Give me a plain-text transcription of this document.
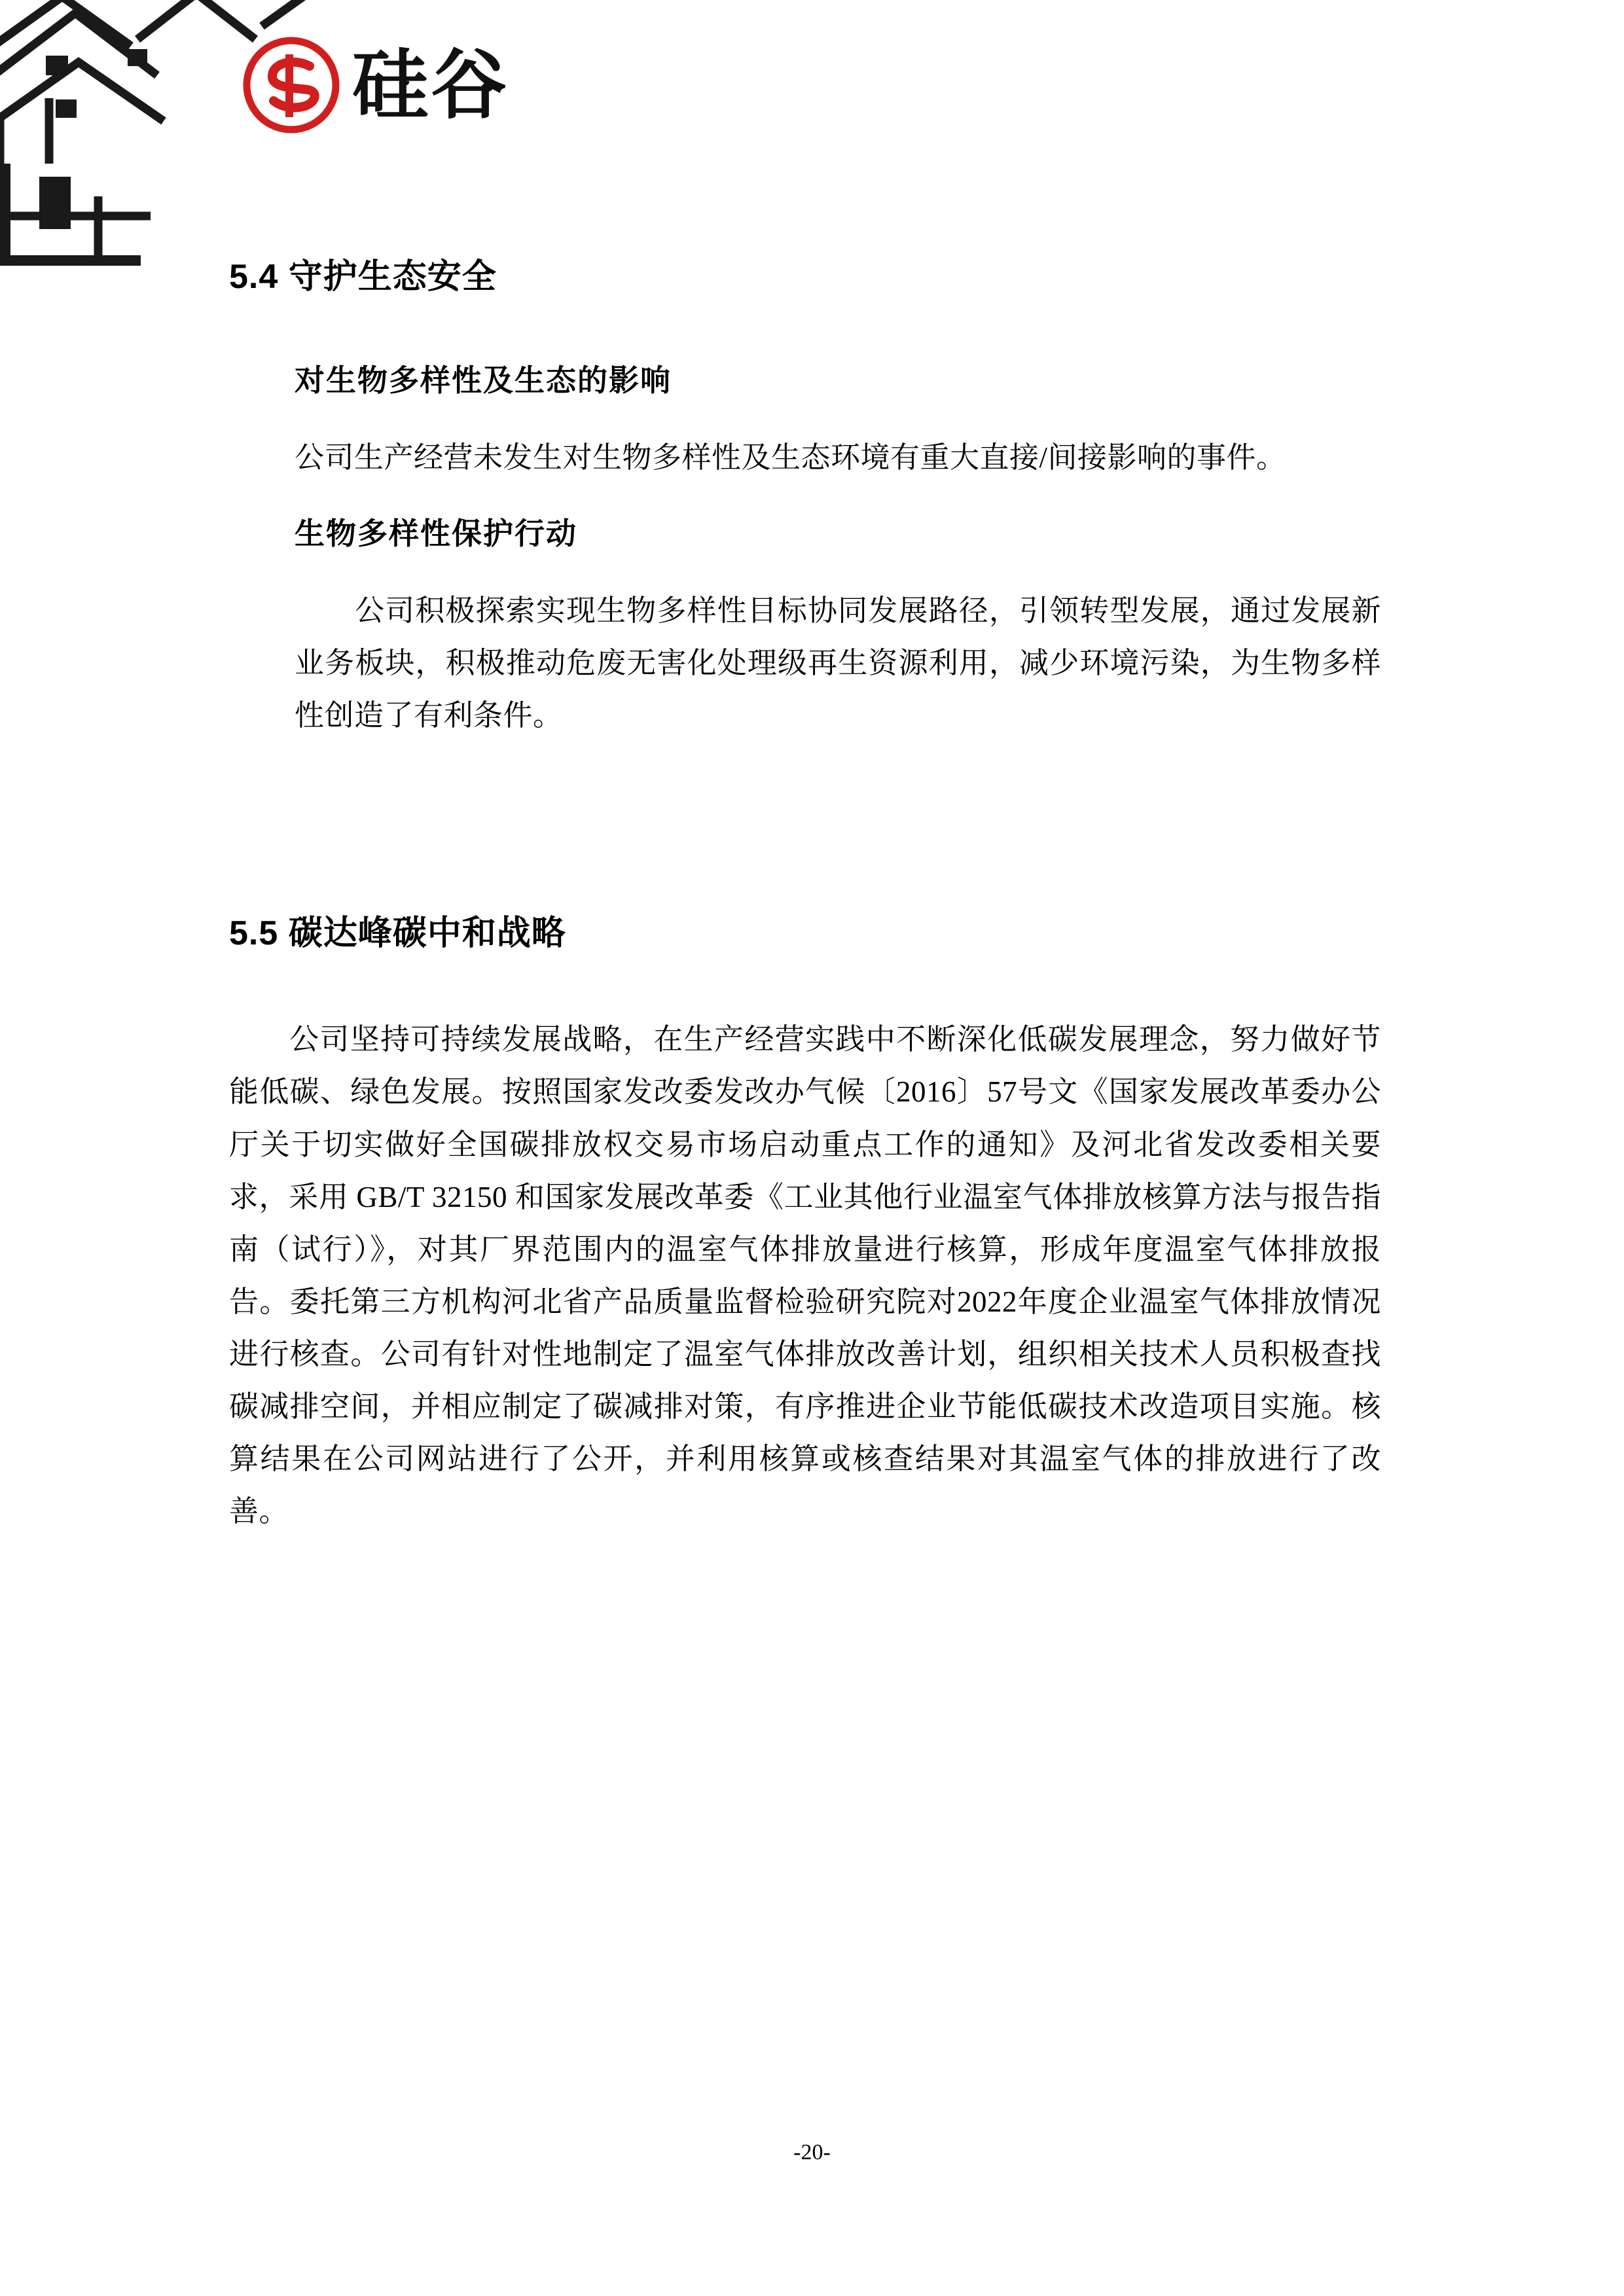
硅谷
5.4 守护生态安全
对生物多样性及生态的影响

公司生产经营未发生对生物多样性及生态环境有重大直接/间接影响的事件。

生物多样性保护行动

公司积极探索实现生物多样性目标协同发展路径，引领转型发展，通过发展新业务板块，积极推动危废无害化处理级再生资源利用，减少环境污染，为生物多样性创造了有利条件。

5.5 碳达峰碳中和战略

公司坚持可持续发展战略，在生产经营实践中不断深化低碳发展理念，努力做好节能低碳、绿色发展。按照国家发改委发改办气候〔2016〕57号文《国家发展改革委办公厅关于切实做好全国碳排放权交易市场启动重点工作的通知》及河北省发改委相关要求，采用 GB/T 32150 和国家发展改革委《工业其他行业温室气体排放核算方法与报告指南（试行）》，对其厂界范围内的温室气体排放量进行核算，形成年度温室气体排放报告。委托第三方机构河北省产品质量监督检验研究院对2022年度企业温室气体排放情况进行核查。公司有针对性地制定了温室气体排放改善计划，组织相关技术人员积极查找碳减排空间，并相应制定了碳减排对策，有序推进企业节能低碳技术改造项目实施。核算结果在公司网站进行了公开，并利用核算或核查结果对其温室气体的排放进行了改善。

-20-
